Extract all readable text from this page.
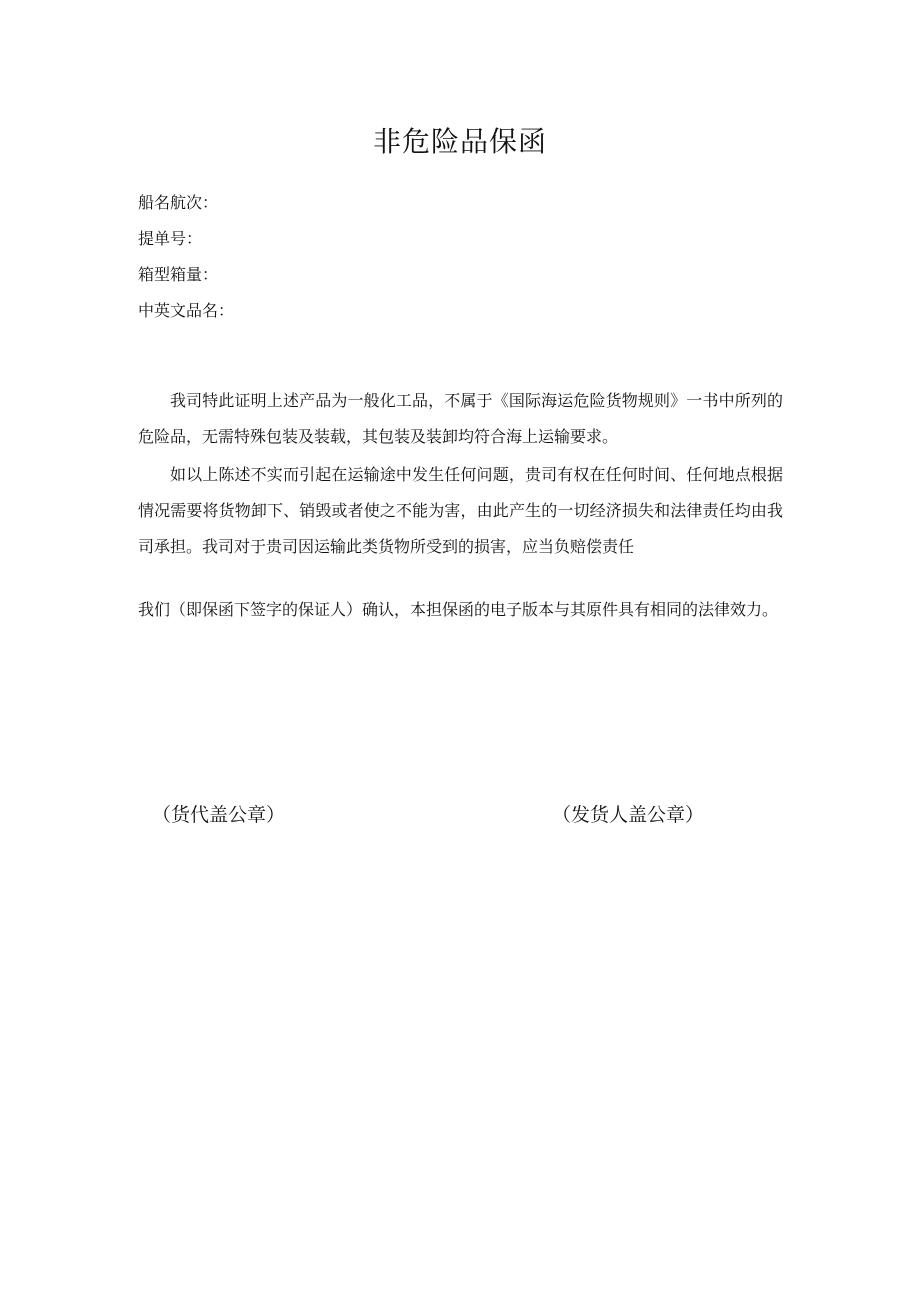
非危险品保函
船名航次：
提单号：
箱型箱量：
中英文品名：
我司特此证明上述产品为一般化工品，不属于《国际海运危险货物规则》一书中所列的危险品，无需特殊包装及装载，其包装及装卸均符合海上运输要求。
如以上陈述不实而引起在运输途中发生任何问题，贵司有权在任何时间、任何地点根据情况需要将货物卸下、销毁或者使之不能为害，由此产生的一切经济损失和法律责任均由我司承担。我司对于贵司因运输此类货物所受到的损害，应当负赔偿责任
我们（即保函下签字的保证人）确认，本担保函的电子版本与其原件具有相同的法律效力。
（货代盖公章）	（发货人盖公章）
